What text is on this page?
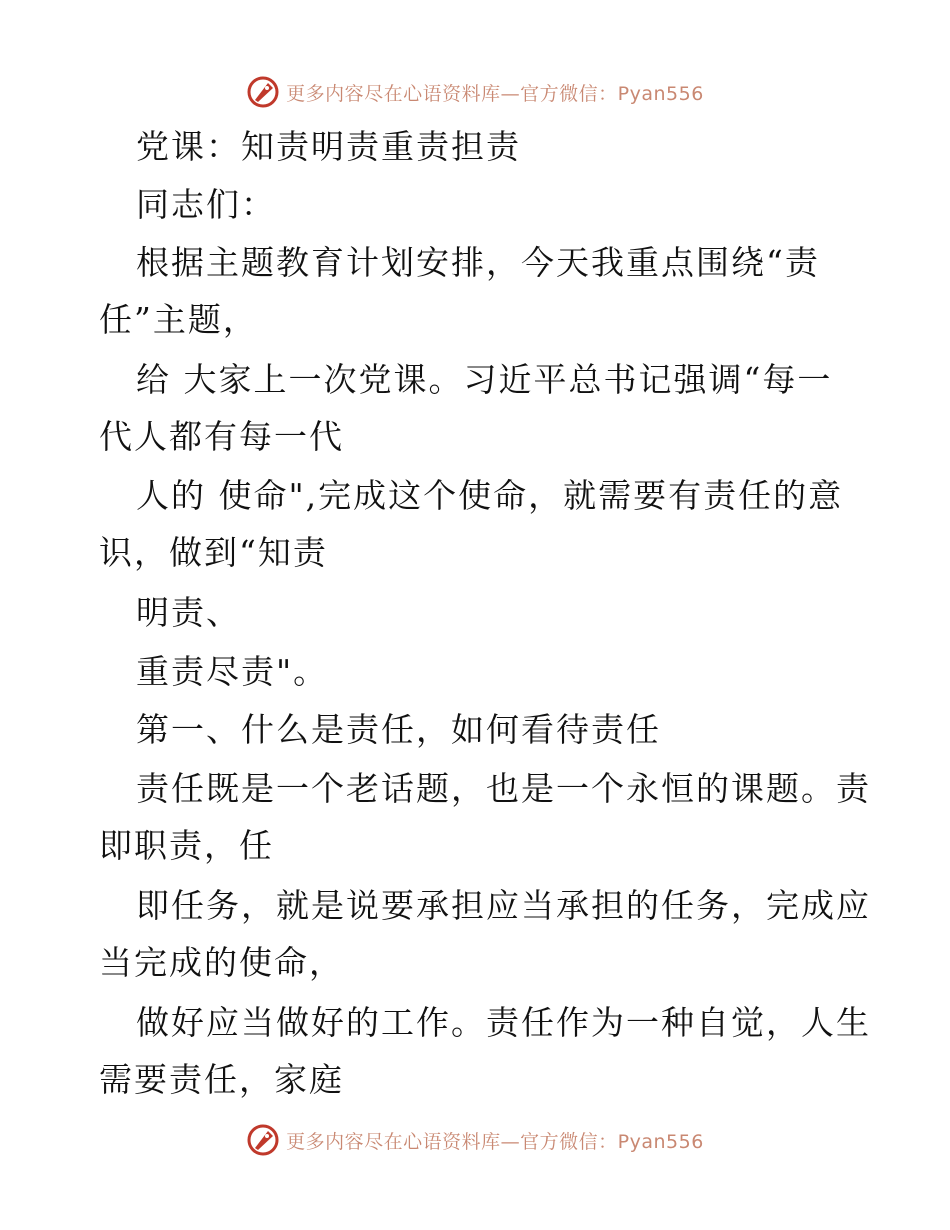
更多内容尽在心语资料库—官方微信：Pyan556
党课：知责明责重责担责
同志们：
根据主题教育计划安排，今天我重点围绕“责
任”主题，
给 大家上一次党课。习近平总书记强调“每一
代人都有每一代
人的 使命",完成这个使命，就需要有责任的意
识，做到“知责
明责、
重责尽责"。
第一、什么是责任，如何看待责任
责任既是一个老话题，也是一个永恒的课题。责
即职责，任
即任务，就是说要承担应当承担的任务，完成应
当完成的使命，
做好应当做好的工作。责任作为一种自觉，人生
需要责任，家庭
更多内容尽在心语资料库—官方微信：Pyan556
